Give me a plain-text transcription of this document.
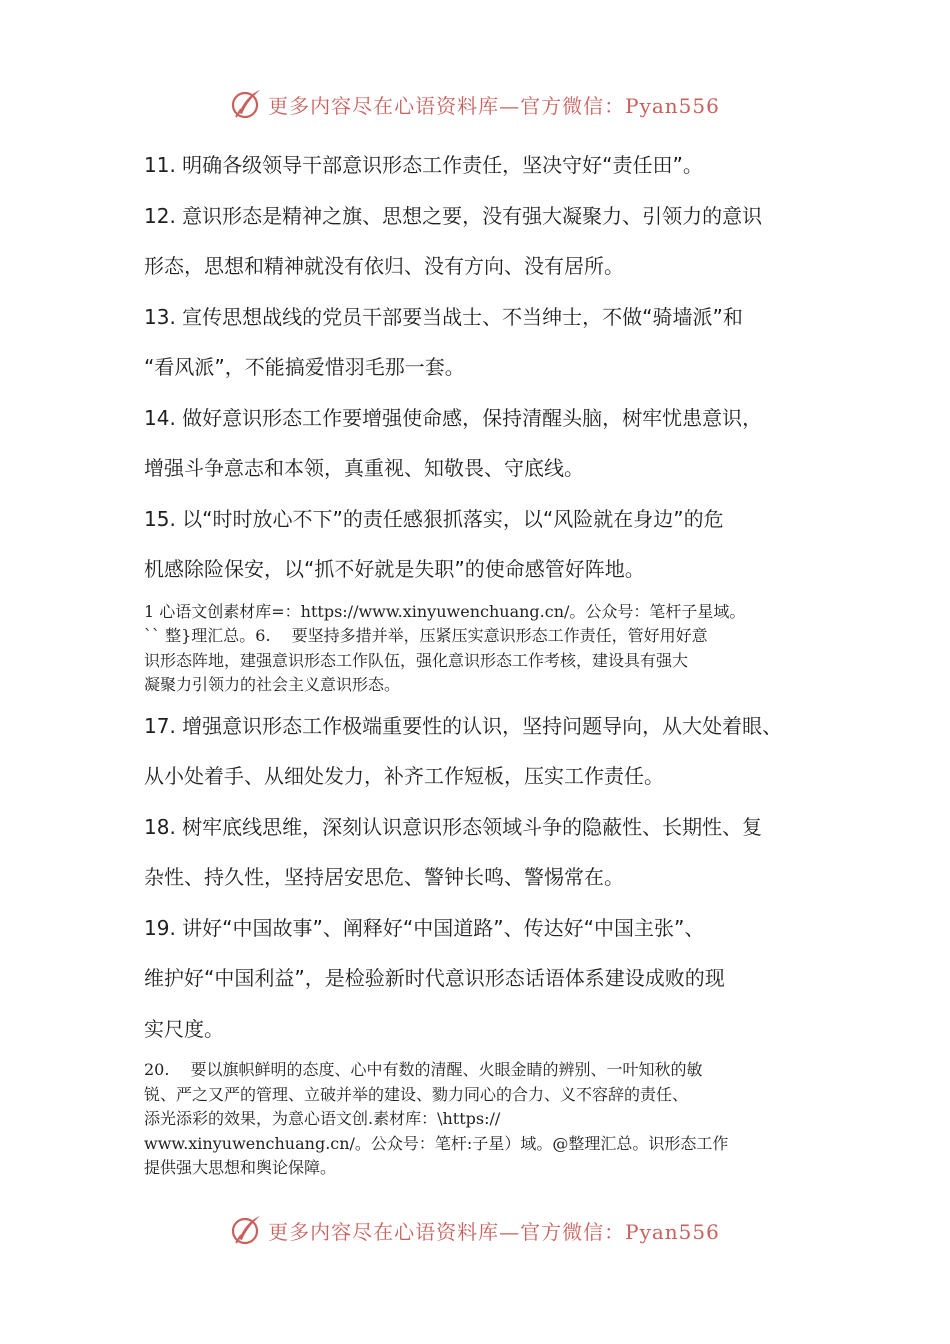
更多内容尽在心语资料库—官方微信：Pyan556

11. 明确各级领导干部意识形态工作责任，坚决守好“责任田”。

12. 意识形态是精神之旗、思想之要，没有强大凝聚力、引领力的意识
形态，思想和精神就没有依归、没有方向、没有居所。

13. 宣传思想战线的党员干部要当战士、不当绅士，不做“骑墙派”和
“看风派”，不能搞爱惜羽毛那一套。

14. 做好意识形态工作要增强使命感，保持清醒头脑，树牢忧患意识，
增强斗争意志和本领，真重视、知敬畏、守底线。

15. 以“时时放心不下”的责任感狠抓落实，以“风险就在身边”的危
机感除险保安，以“抓不好就是失职”的使命感管好阵地。

1 心语文创素材库=：https://www.xinyuwenchuang.cn/。公众号：笔杆子星域。
`` 整}理汇总。6.　 要坚持多措并举，压紧压实意识形态工作责任，管好用好意
识形态阵地，建强意识形态工作队伍，强化意识形态工作考核，建设具有强大
凝聚力引领力的社会主义意识形态。

17. 增强意识形态工作极端重要性的认识，坚持问题导向，从大处着眼、
从小处着手、从细处发力，补齐工作短板，压实工作责任。

18. 树牢底线思维，深刻认识意识形态领域斗争的隐蔽性、长期性、复
杂性、持久性，坚持居安思危、警钟长鸣、警惕常在。

19. 讲好“中国故事”、阐释好“中国道路”、传达好“中国主张”、
维护好“中国利益”，是检验新时代意识形态话语体系建设成败的现
实尺度。

20.　 要以旗帜鲜明的态度、心中有数的清醒、火眼金睛的辨别、一叶知秋的敏
锐、严之又严的管理、立破并举的建设、勠力同心的合力、义不容辞的责任、
添光添彩的效果，为意心语文创.素材库：\https://
www.xinyuwenchuang.cn/。公众号：笔杆:子星）域。@整理汇总。识形态工作
提供强大思想和舆论保障。

更多内容尽在心语资料库—官方微信：Pyan556
